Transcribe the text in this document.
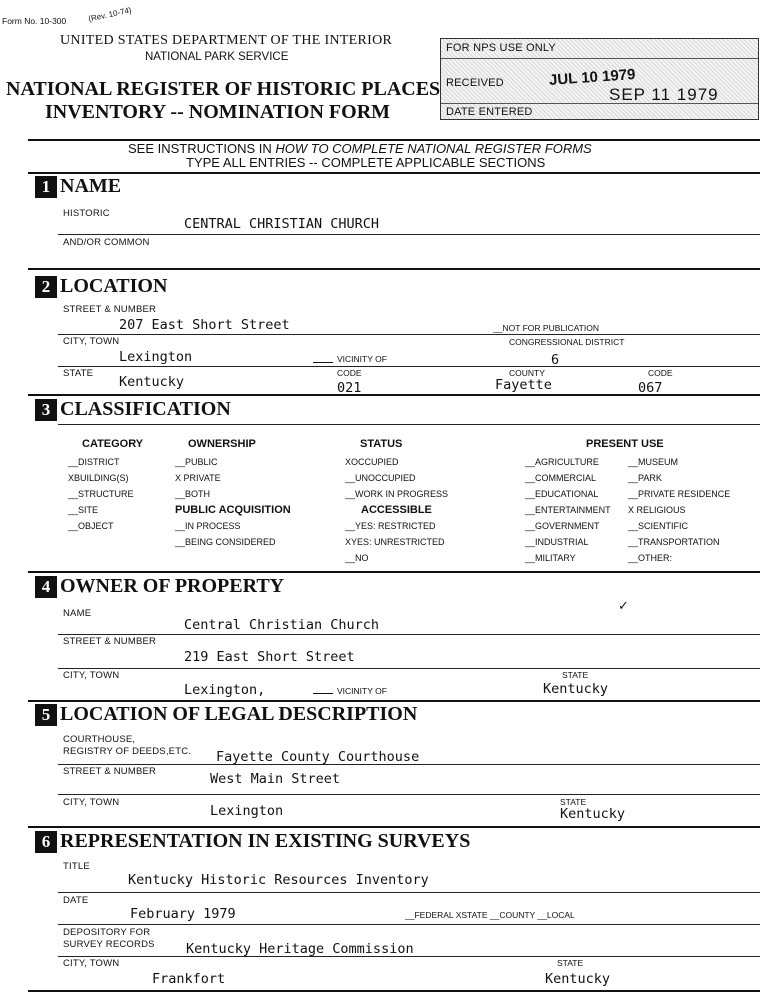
Form No. 10-300	(Rev. 10-74)
UNITED STATES DEPARTMENT OF THE INTERIOR
NATIONAL PARK SERVICE
NATIONAL REGISTER OF HISTORIC PLACES
INVENTORY -- NOMINATION FORM
FOR NPS USE ONLY
RECEIVED	JUL 10 1979
SEP 11 1979
DATE ENTERED
SEE INSTRUCTIONS IN HOW TO COMPLETE NATIONAL REGISTER FORMS
TYPE ALL ENTRIES -- COMPLETE APPLICABLE SECTIONS
1 NAME
HISTORIC
CENTRAL CHRISTIAN CHURCH
AND/OR COMMON
2 LOCATION
STREET & NUMBER
207 East Short Street	__NOT FOR PUBLICATION
CITY, TOWN	CONGRESSIONAL DISTRICT
Lexington	VICINITY OF	6
STATE	CODE	COUNTY	CODE
Kentucky	021	Fayette	067
3 CLASSIFICATION
CATEGORY
__DISTRICT
XBUILDING(S)
__STRUCTURE
__SITE
__OBJECT
OWNERSHIP
__PUBLIC
X PRIVATE
__BOTH
PUBLIC ACQUISITION
__IN PROCESS
__BEING CONSIDERED
STATUS
XOCCUPIED
__UNOCCUPIED
__WORK IN PROGRESS
ACCESSIBLE
__YES: RESTRICTED
XYES: UNRESTRICTED
__NO
PRESENT USE
__AGRICULTURE
__COMMERCIAL
__EDUCATIONAL
__ENTERTAINMENT
__GOVERNMENT
__INDUSTRIAL
__MILITARY
__MUSEUM
__PARK
__PRIVATE RESIDENCE
X RELIGIOUS
__SCIENTIFIC
__TRANSPORTATION
__OTHER:
4 OWNER OF PROPERTY
NAME
✓
Central Christian Church
STREET & NUMBER
219 East Short Street
CITY, TOWN	STATE
Lexington,	VICINITY OF	Kentucky
5 LOCATION OF LEGAL DESCRIPTION
COURTHOUSE,
REGISTRY OF DEEDS,ETC. Fayette County Courthouse
STREET & NUMBER	West Main Street
CITY, TOWN	STATE
Lexington	Kentucky
6 REPRESENTATION IN EXISTING SURVEYS
TITLE
Kentucky Historic Resources Inventory
DATE
February 1979	__FEDERAL XSTATE __COUNTY __LOCAL
DEPOSITORY FOR
SURVEY RECORDS Kentucky Heritage Commission
CITY, TOWN	STATE
Frankfort	Kentucky
